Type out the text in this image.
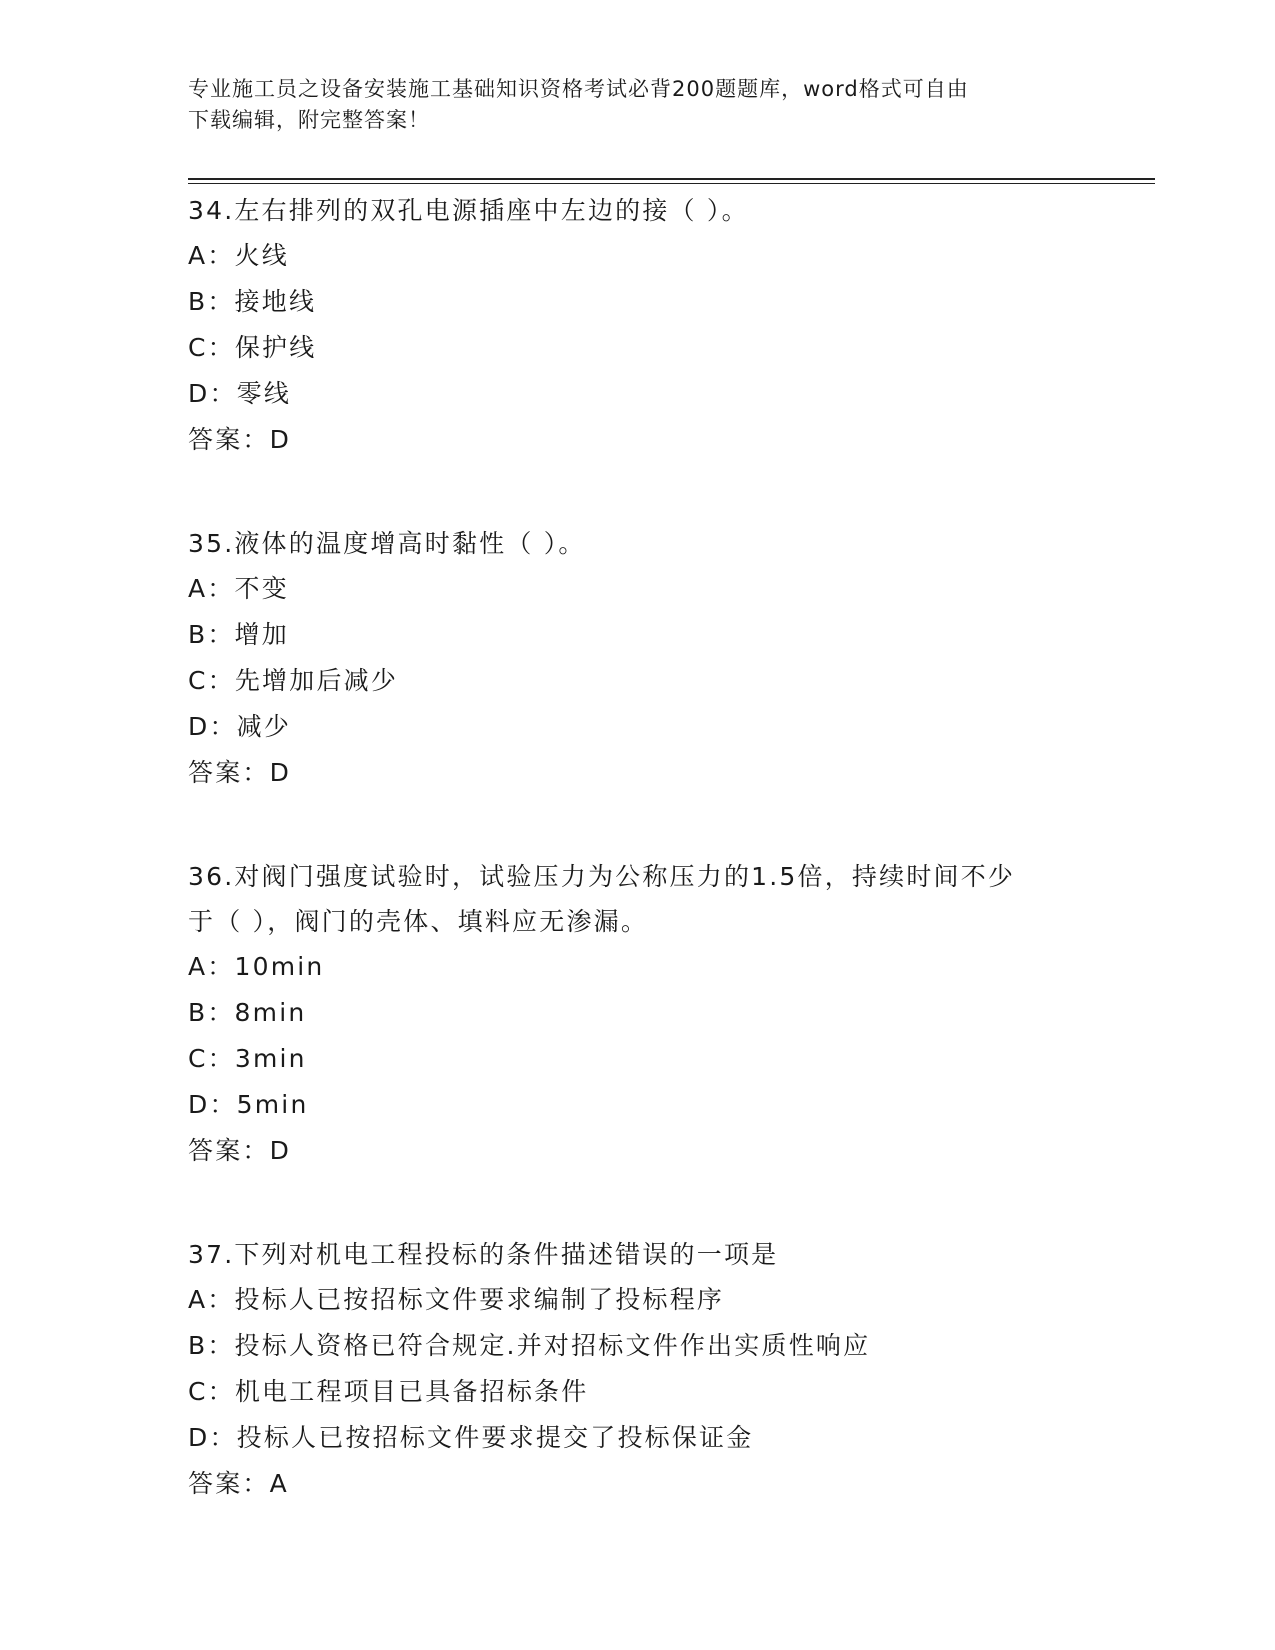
专业施工员之设备安装施工基础知识资格考试必背200题题库，word格式可自由
下载编辑，附完整答案！

34.左右排列的双孔电源插座中左边的接（ ）。

A：火线

B：接地线

C：保护线

D：零线

答案：D

35.液体的温度增高时黏性（ ）。

A：不变

B：增加

C：先增加后减少

D：减少

答案：D

36.对阀门强度试验时，试验压力为公称压力的1.5倍，持续时间不少

于（ ），阀门的壳体、填料应无渗漏。

A：10min

B：8min

C：3min

D：5min

答案：D

37.下列对机电工程投标的条件描述错误的一项是

A：投标人已按招标文件要求编制了投标程序

B：投标人资格已符合规定.并对招标文件作出实质性响应

C：机电工程项目已具备招标条件

D：投标人已按招标文件要求提交了投标保证金

答案：A
